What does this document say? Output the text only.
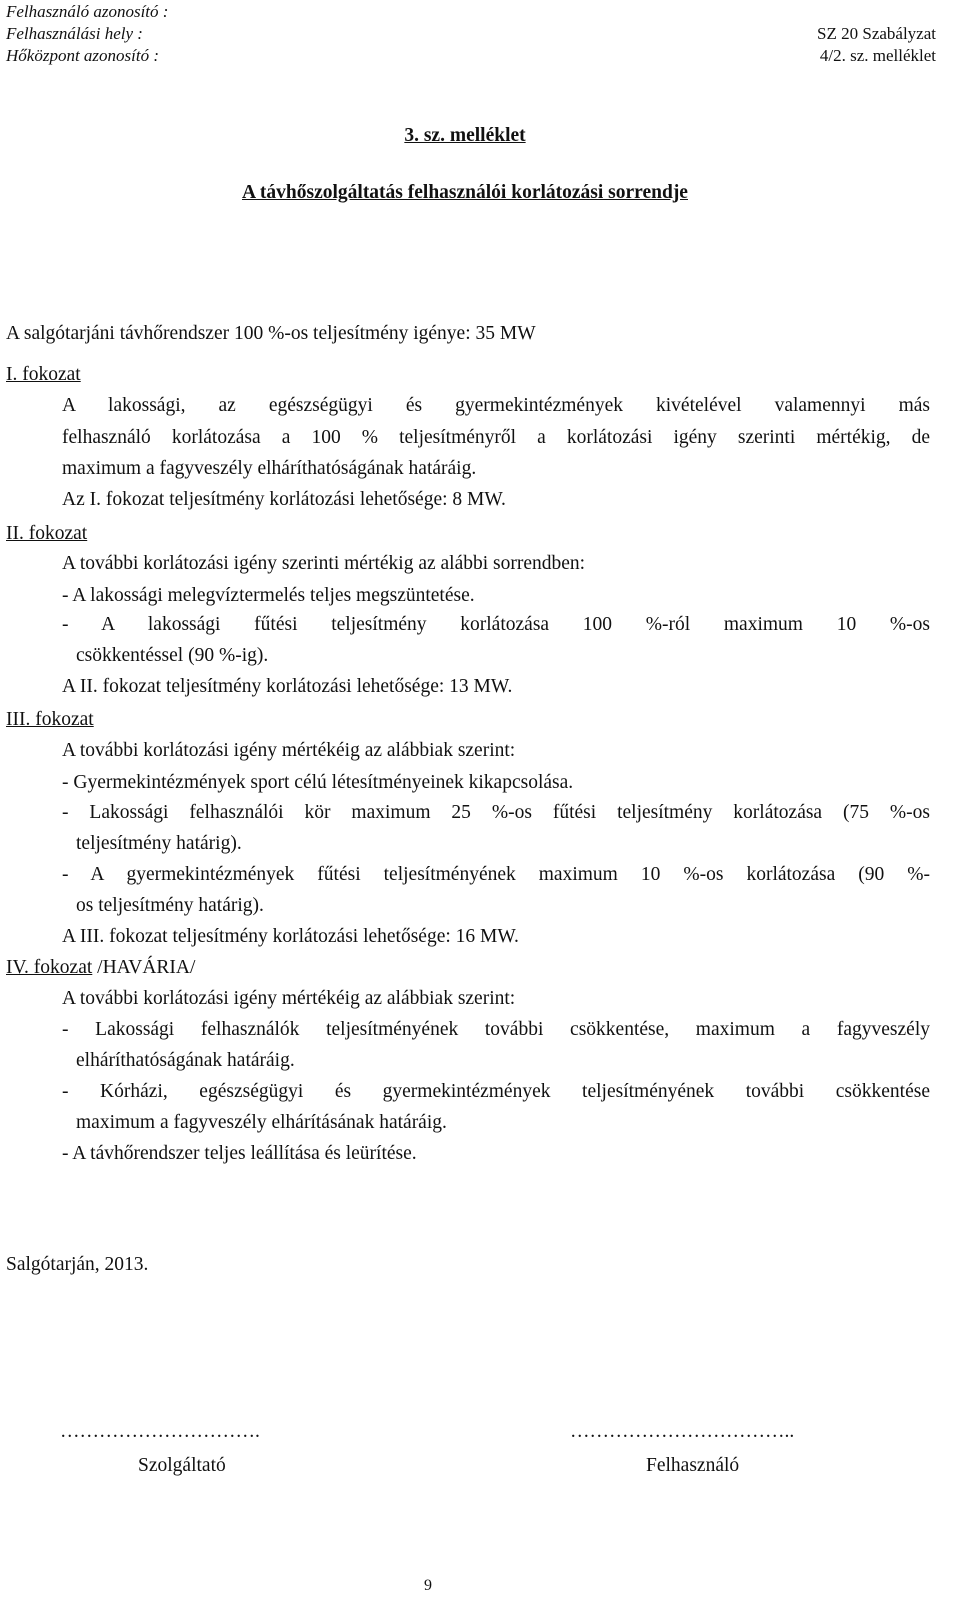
Felhasználó azonosító :
Felhasználási hely :
Hőközpont azonosító :
SZ 20 Szabályzat
4/2. sz. melléklet
3. sz. melléklet
A távhőszolgáltatás felhasználói korlátozási sorrendje
A salgótarjáni távhőrendszer 100 %-os teljesítmény igénye: 35 MW
I. fokozat
A lakossági, az egészségügyi és gyermekintézmények kivételével valamennyi más
felhasználó korlátozása a 100 % teljesítményről a korlátozási igény szerinti mértékig, de
maximum a fagyveszély elháríthatóságának határáig.
Az I. fokozat teljesítmény korlátozási lehetősége: 8 MW.
II. fokozat
A további korlátozási igény szerinti mértékig az alábbi sorrendben:
- A lakossági melegvíztermelés teljes megszüntetése.
- A lakossági fűtési teljesítmény korlátozása 100 %-ról maximum 10 %-os
csökkentéssel (90 %-ig).
A II. fokozat teljesítmény korlátozási lehetősége: 13 MW.
III. fokozat
A további korlátozási igény mértékéig az alábbiak szerint:
- Gyermekintézmények sport célú létesítményeinek kikapcsolása.
- Lakossági felhasználói kör maximum 25 %-os fűtési teljesítmény korlátozása (75 %-os
teljesítmény határig).
- A gyermekintézmények fűtési teljesítményének maximum 10 %-os korlátozása (90 %-
os teljesítmény határig).
A III. fokozat teljesítmény korlátozási lehetősége: 16 MW.
IV. fokozat /HAVÁRIA/
A további korlátozási igény mértékéig az alábbiak szerint:
- Lakossági felhasználók teljesítményének további csökkentése, maximum a fagyveszély
elháríthatóságának határáig.
- Kórházi, egészségügyi és gyermekintézmények teljesítményének további csökkentése
maximum a fagyveszély elhárításának határáig.
- A távhőrendszer teljes leállítása és leürítése.
Salgótarján, 2013.
………………………….
Szolgáltató
……………………………..
Felhasználó
9
